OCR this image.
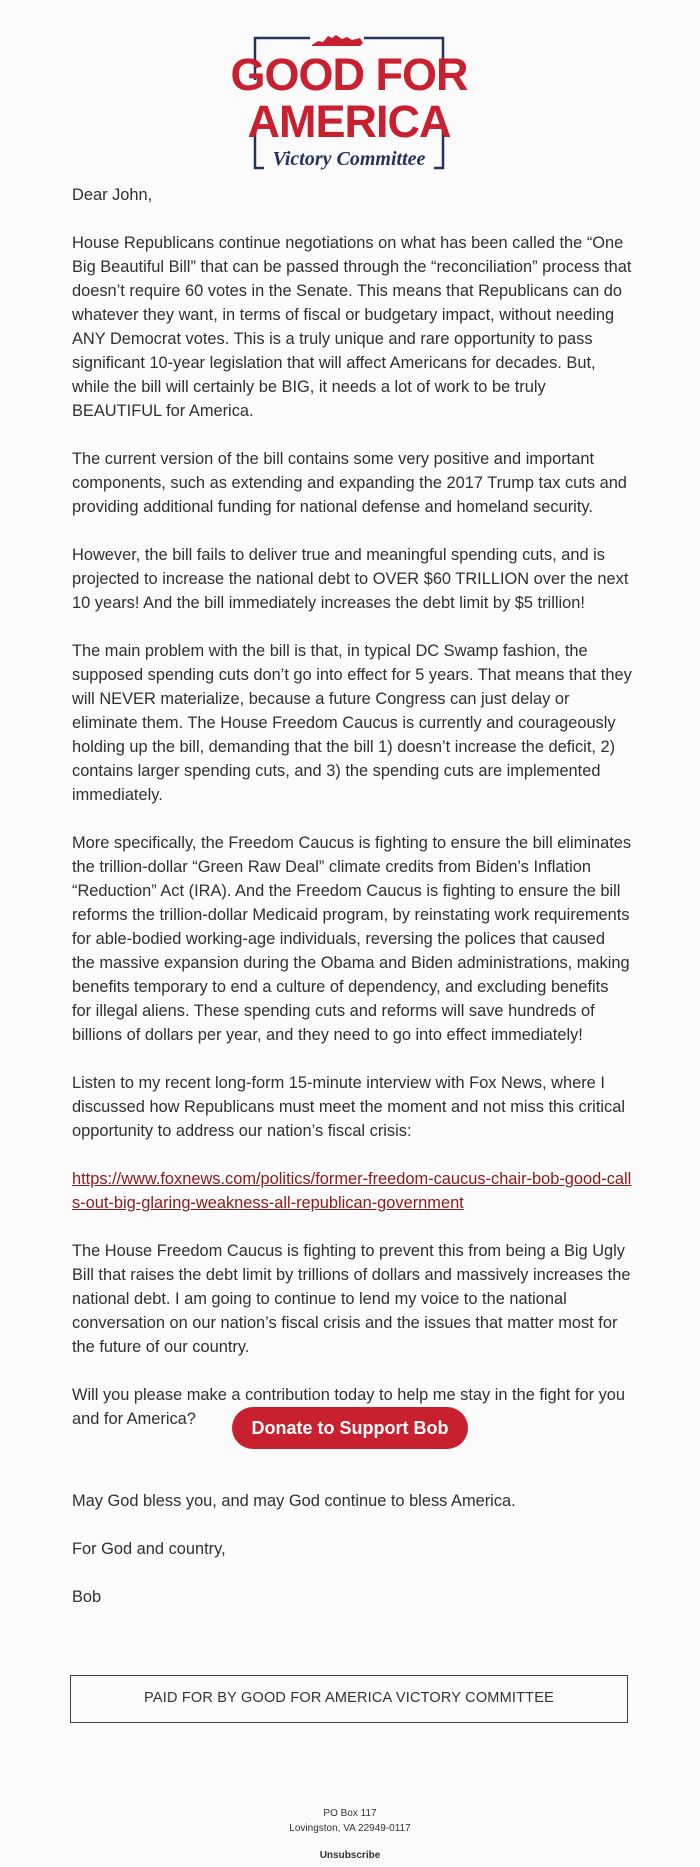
GOOD FOR
AMERICA
Victory Committee

Dear John,

House Republicans continue negotiations on what has been called the “One Big Beautiful Bill” that can be passed through the “reconciliation” process that doesn’t require 60 votes in the Senate. This means that Republicans can do whatever they want, in terms of fiscal or budgetary impact, without needing ANY Democrat votes. This is a truly unique and rare opportunity to pass significant 10-year legislation that will affect Americans for decades. But, while the bill will certainly be BIG, it needs a lot of work to be truly BEAUTIFUL for America.

The current version of the bill contains some very positive and important components, such as extending and expanding the 2017 Trump tax cuts and providing additional funding for national defense and homeland security.

However, the bill fails to deliver true and meaningful spending cuts, and is projected to increase the national debt to OVER $60 TRILLION over the next 10 years! And the bill immediately increases the debt limit by $5 trillion!

The main problem with the bill is that, in typical DC Swamp fashion, the supposed spending cuts don’t go into effect for 5 years. That means that they will NEVER materialize, because a future Congress can just delay or eliminate them. The House Freedom Caucus is currently and courageously holding up the bill, demanding that the bill 1) doesn’t increase the deficit, 2) contains larger spending cuts, and 3) the spending cuts are implemented immediately.

More specifically, the Freedom Caucus is fighting to ensure the bill eliminates the trillion-dollar “Green Raw Deal” climate credits from Biden’s Inflation “Reduction” Act (IRA). And the Freedom Caucus is fighting to ensure the bill reforms the trillion-dollar Medicaid program, by reinstating work requirements for able-bodied working-age individuals, reversing the polices that caused the massive expansion during the Obama and Biden administrations, making benefits temporary to end a culture of dependency, and excluding benefits for illegal aliens. These spending cuts and reforms will save hundreds of billions of dollars per year, and they need to go into effect immediately!

Listen to my recent long-form 15-minute interview with Fox News, where I discussed how Republicans must meet the moment and not miss this critical opportunity to address our nation’s fiscal crisis:

https://www.foxnews.com/politics/former-freedom-caucus-chair-bob-good-calls-out-big-glaring-weakness-all-republican-government

The House Freedom Caucus is fighting to prevent this from being a Big Ugly Bill that raises the debt limit by trillions of dollars and massively increases the national debt. I am going to continue to lend my voice to the national conversation on our nation’s fiscal crisis and the issues that matter most for the future of our country.

Will you please make a contribution today to help me stay in the fight for you and for America?	Donate to Support Bob

May God bless you, and may God continue to bless America.

For God and country,

Bob

PAID FOR BY GOOD FOR AMERICA VICTORY COMMITTEE
PO Box 117
Lovingston, VA 22949-0117
Unsubscribe
